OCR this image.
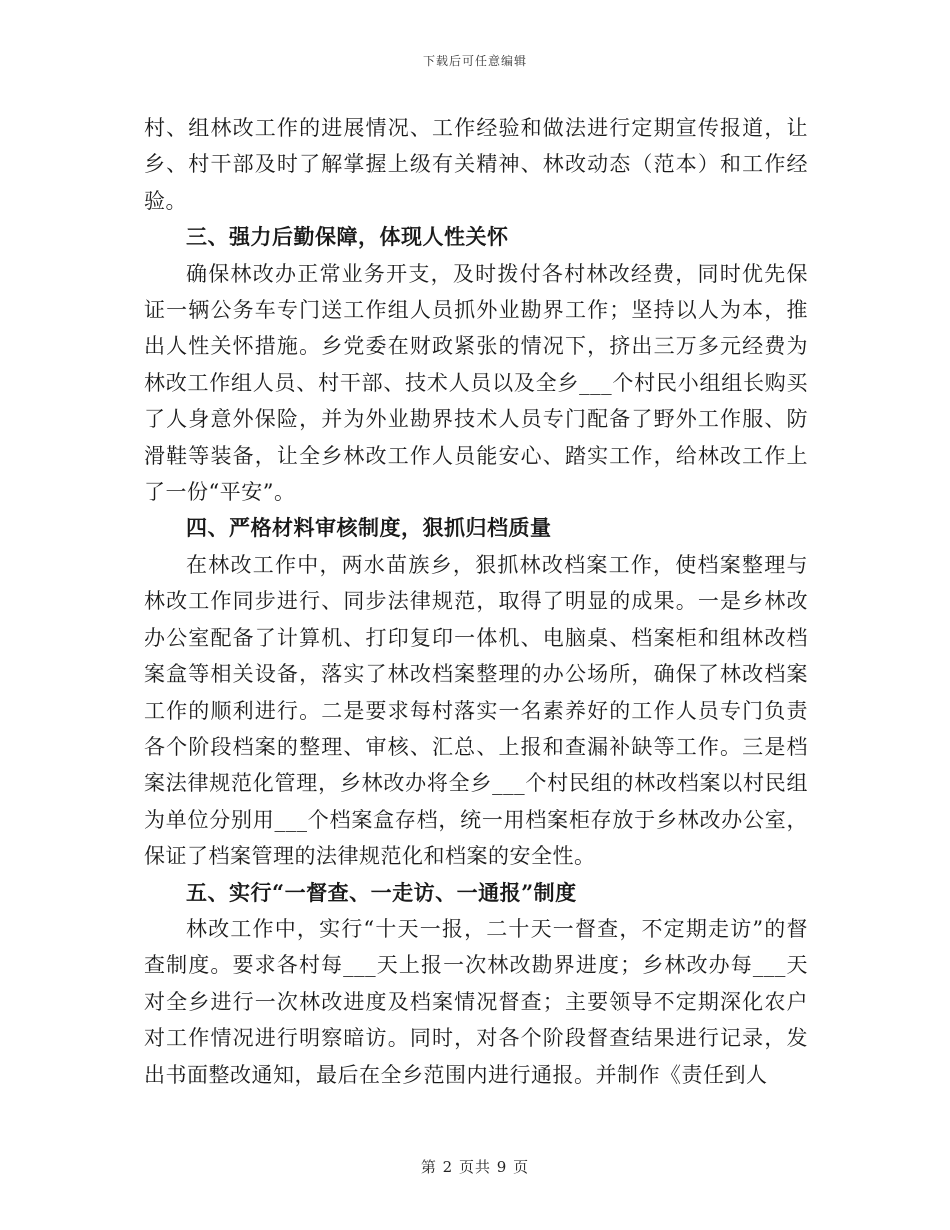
下载后可任意编辑

村、组林改工作的进展情况、工作经验和做法进行定期宣传报道，让乡、村干部及时了解掌握上级有关精神、林改动态（范本）和工作经验。

三、强力后勤保障，体现人性关怀

确保林改办正常业务开支，及时拨付各村林改经费，同时优先保证一辆公务车专门送工作组人员抓外业勘界工作；坚持以人为本，推出人性关怀措施。乡党委在财政紧张的情况下，挤出三万多元经费为林改工作组人员、村干部、技术人员以及全乡___个村民小组组长购买了人身意外保险，并为外业勘界技术人员专门配备了野外工作服、防滑鞋等装备，让全乡林改工作人员能安心、踏实工作，给林改工作上了一份“平安”。

四、严格材料审核制度，狠抓归档质量

在林改工作中，两水苗族乡，狠抓林改档案工作，使档案整理与林改工作同步进行、同步法律规范，取得了明显的成果。一是乡林改办公室配备了计算机、打印复印一体机、电脑桌、档案柜和组林改档案盒等相关设备，落实了林改档案整理的办公场所，确保了林改档案工作的顺利进行。二是要求每村落实一名素养好的工作人员专门负责各个阶段档案的整理、审核、汇总、上报和查漏补缺等工作。三是档案法律规范化管理，乡林改办将全乡___个村民组的林改档案以村民组为单位分别用___个档案盒存档，统一用档案柜存放于乡林改办公室，保证了档案管理的法律规范化和档案的安全性。

五、实行“一督查、一走访、一通报”制度

林改工作中，实行“十天一报，二十天一督查，不定期走访”的督查制度。要求各村每___天上报一次林改勘界进度；乡林改办每___天对全乡进行一次林改进度及档案情况督查；主要领导不定期深化农户对工作情况进行明察暗访。同时，对各个阶段督查结果进行记录，发出书面整改通知，最后在全乡范围内进行通报。并制作《责任到人

第 2 页共 9 页
